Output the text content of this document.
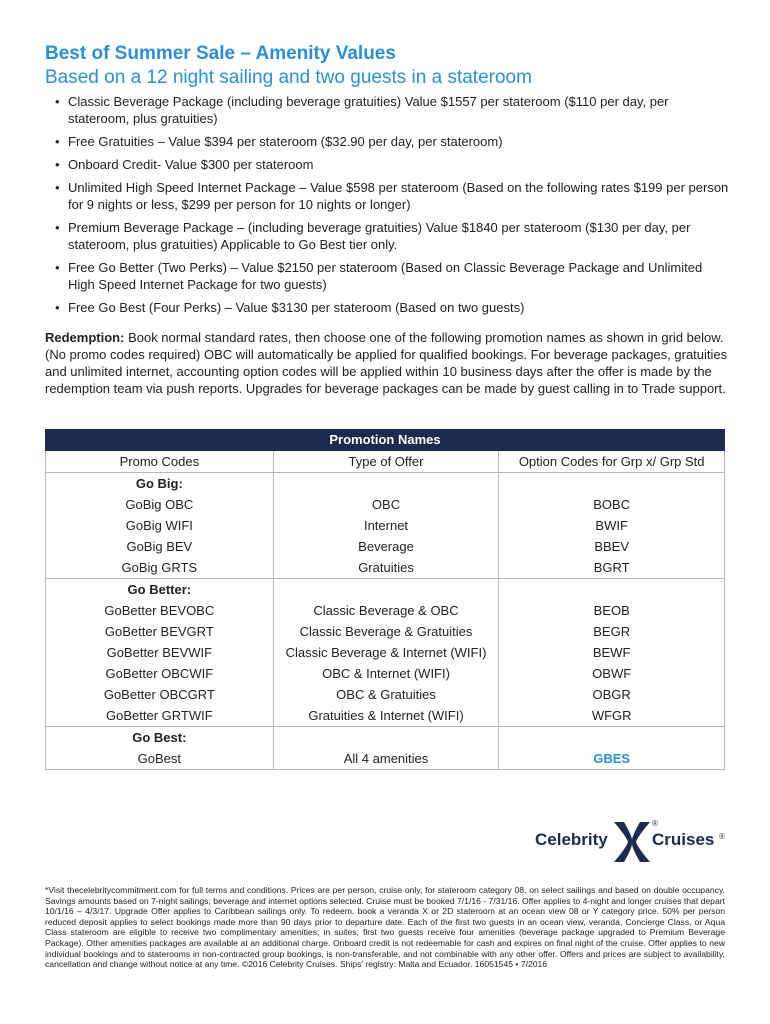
Best of Summer Sale – Amenity Values
Based on a 12 night sailing and two guests in a stateroom
• Classic Beverage Package (including beverage gratuities) Value $1557 per stateroom ($110 per day, per stateroom, plus gratuities)
• Free Gratuities – Value $394 per stateroom ($32.90 per day, per stateroom)
• Onboard Credit- Value $300 per stateroom
• Unlimited High Speed Internet Package – Value $598 per stateroom (Based on the following rates $199 per person for 9 nights or less, $299 per person for 10 nights or longer)
• Premium Beverage Package – (including beverage gratuities) Value $1840 per stateroom ($130 per day, per stateroom, plus gratuities) Applicable to Go Best tier only.
• Free Go Better (Two Perks) – Value $2150 per stateroom (Based on Classic Beverage Package and Unlimited High Speed Internet Package for two guests)
• Free Go Best (Four Perks) – Value $3130 per stateroom (Based on two guests)

Redemption: Book normal standard rates, then choose one of the following promotion names as shown in grid below. (No promo codes required) OBC will automatically be applied for qualified bookings. For beverage packages, gratuities and unlimited internet, accounting option codes will be applied within 10 business days after the offer is made by the redemption team via push reports. Upgrades for beverage packages can be made by guest calling in to Trade support.

Promotion Names		
Promo Codes	Type of Offer	Option Codes for Grp x/ Grp Std
Go Big:		
GoBig OBC	OBC	BOBC
GoBig WIFI	Internet	BWIF
GoBig BEV	Beverage	BBEV
GoBig GRTS	Gratuities	BGRT
Go Better:		
GoBetter BEVOBC	Classic Beverage & OBC	BEOB
GoBetter BEVGRT	Classic Beverage & Gratuities	BEGR
GoBetter BEVWIF	Classic Beverage & Internet (WIFI)	BEWF
GoBetter OBCWIF	OBC & Internet (WIFI)	OBWF
GoBetter OBCGRT	OBC & Gratuities	OBGR
GoBetter GRTWIF	Gratuities & Internet (WIFI)	WFGR
Go Best:		
GoBest	All 4 amenities	GBES
Celebrity
®
Cruises ®

*Visit thecelebritycommitment.com for full terms and conditions. Prices are per person, cruise only, for stateroom category 08, on select sailings and based on double occupancy. Savings amounts based on 7-night sailings; beverage and internet options selected. Cruise must be booked 7/1/16 - 7/31/16. Offer applies to 4-night and longer cruises that depart 10/1/16 – 4/3/17. Upgrade Offer applies to Caribbean sailings only. To redeem, book a veranda X or 2D stateroom at an ocean view 08 or Y category price. 50% per person reduced deposit applies to select bookings made more than 90 days prior to departure date. Each of the first two guests in an ocean view, veranda, Concierge Class, or Aqua Class stateroom are eligible to receive two complimentary amenities; in suites, first two guests receive four amenities (beverage package upgraded to Premium Beverage Package). Other amenities packages are available at an additional charge. Onboard credit is not redeemable for cash and expires on final night of the cruise. Offer applies to new individual bookings and to staterooms in non-contracted group bookings, is non-transferable, and not combinable with any other offer. Offers and prices are subject to availability, cancellation and change without notice at any time. ©2016 Celebrity Cruises. Ships' registry: Malta and Ecuador. 16051545 • 7/2016
